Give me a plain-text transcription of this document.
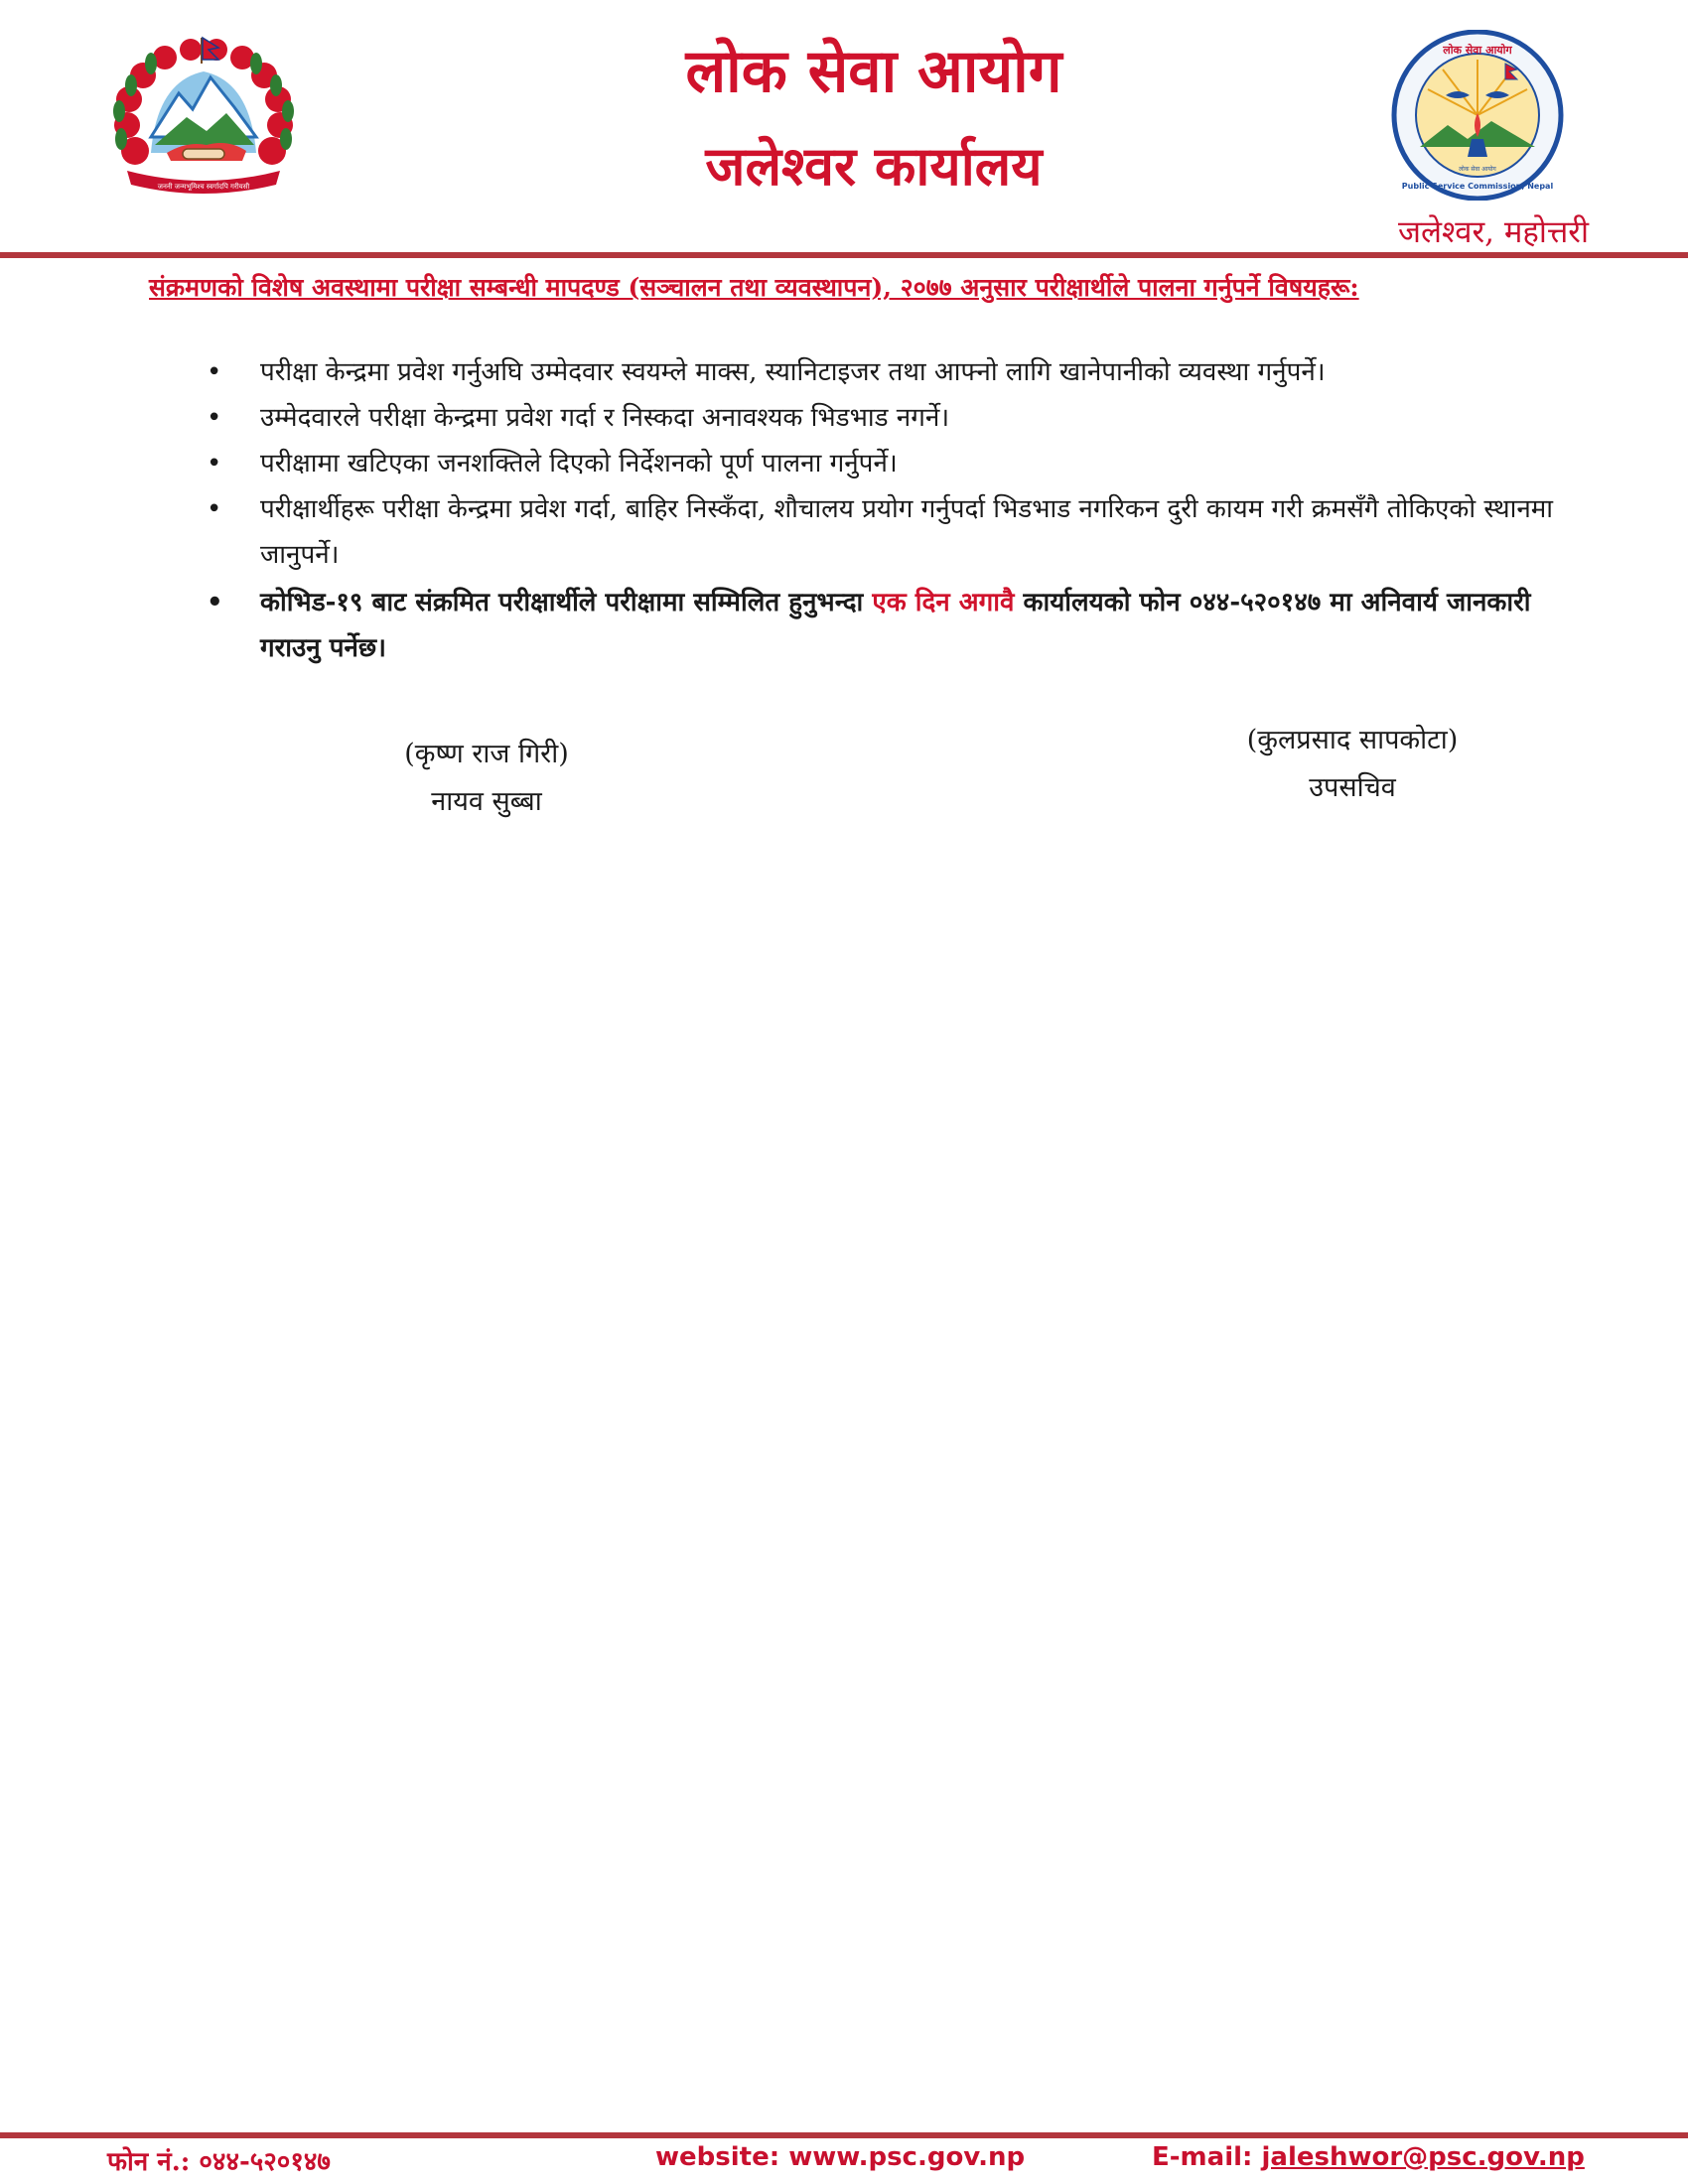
जननी जन्मभूमिश्च स्वर्गादपि गरीयसी
लोक सेवा आयोग
जलेश्वर कार्यालय
लोक सेवा आयोग
Public Service Commission, Nepal
लोक सेवा आयोग
जलेश्वर, महोत्तरी
संक्रमणको विशेष अवस्थामा परीक्षा सम्बन्धी मापदण्ड (सञ्चालन तथा व्यवस्थापन), २०७७ अनुसार परीक्षार्थीले पालना गर्नुपर्ने विषयहरू:
• परीक्षा केन्द्रमा प्रवेश गर्नुअघि उम्मेदवार स्वयम्ले माक्स, स्यानिटाइजर तथा आफ्नो लागि खानेपानीको व्यवस्था गर्नुपर्ने।
• उम्मेदवारले परीक्षा केन्द्रमा प्रवेश गर्दा र निस्कदा अनावश्यक भिडभाड नगर्ने।
• परीक्षामा खटिएका जनशक्तिले दिएको निर्देशनको पूर्ण पालना गर्नुपर्ने।
• परीक्षार्थीहरू परीक्षा केन्द्रमा प्रवेश गर्दा, बाहिर निस्कँदा, शौचालय प्रयोग गर्नुपर्दा भिडभाड नगरिकन दुरी कायम गरी क्रमसँगै तोकिएको स्थानमा जानुपर्ने।
• कोभिड-१९ बाट संक्रमित परीक्षार्थीले परीक्षामा सम्मिलित हुनुभन्दा एक दिन अगावै कार्यालयको फोन ०४४-५२०१४७ मा अनिवार्य जानकारी गराउनु पर्नेछ।
(कृष्ण राज गिरी)
नायव सुब्बा
(कुलप्रसाद सापकोटा)
उपसचिव
फोन नं.: ०४४-५२०१४७	website: www.psc.gov.np	E-mail: jaleshwor@psc.gov.np
